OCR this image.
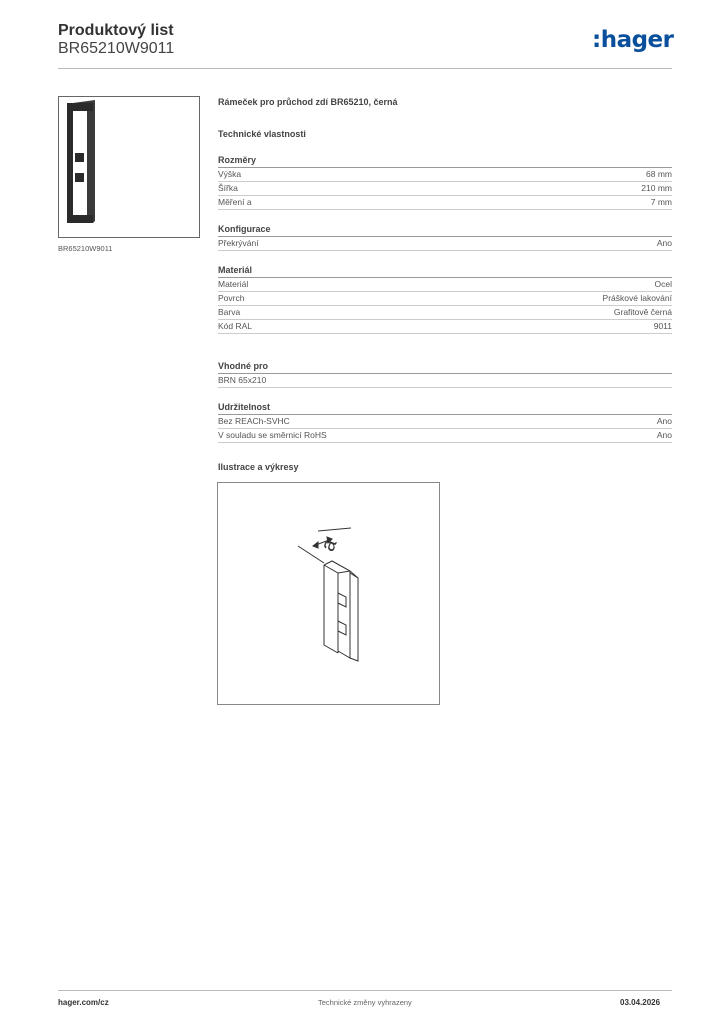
Produktový list
BR65210W9011	:hager
BR65210W9011
Rámeček pro průchod zdí BR65210, černá
Technické vlastnosti
Rozměry
Výška	68 mm
Šířka	210 mm
Měření a	7 mm
Konfigurace
Překrývání	Ano
Materiál
Materiál	Ocel
Povrch	Práškové lakování
Barva	Grafitově černá
Kód RAL	9011
Vhodné pro
BRN 65x210
Udržitelnost
Bez REACh-SVHC	Ano
V souladu se směrnicí RoHS	Ano
Ilustrace a výkresy
a
hager.com/cz	Technické změny vyhrazeny	03.04.2026
